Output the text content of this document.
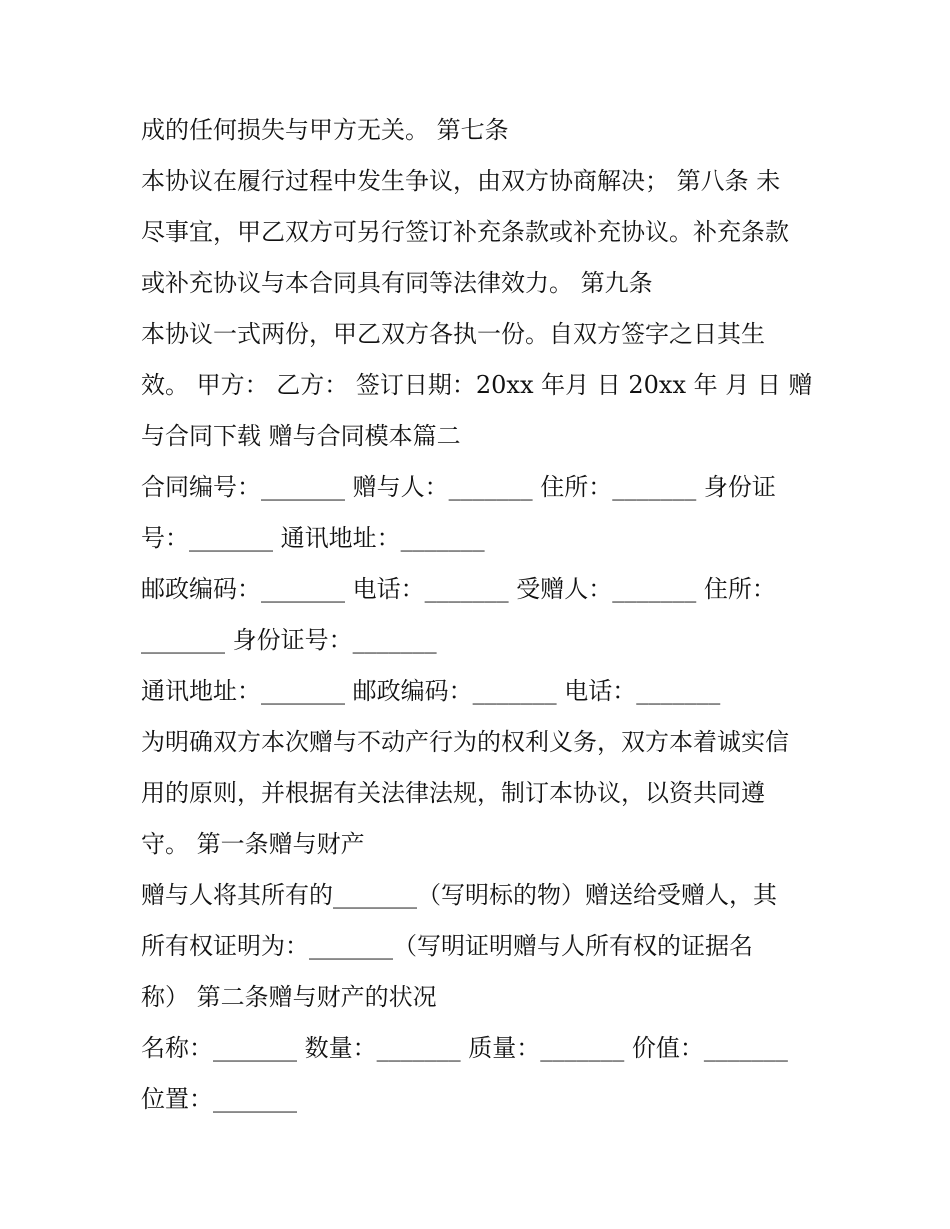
成的任何损失与甲方无关。 第七条
本协议在履行过程中发生争议，由双方协商解决； 第八条 未
尽事宜，甲乙双方可另行签订补充条款或补充协议。补充条款
或补充协议与本合同具有同等法律效力。 第九条
本协议一式两份，甲乙双方各执一份。自双方签字之日其生
效。 甲方： 乙方： 签订日期：20xx 年月 日 20xx 年 月 日 赠
与合同下载 赠与合同模本篇二
合同编号：_______ 赠与人：_______ 住所：_______ 身份证
号：_______ 通讯地址：_______
邮政编码：_______ 电话：_______ 受赠人：_______ 住所：
_______ 身份证号：_______
通讯地址：_______ 邮政编码：_______ 电话：_______
为明确双方本次赠与不动产行为的权利义务，双方本着诚实信
用的原则，并根据有关法律法规，制订本协议，以资共同遵
守。 第一条赠与财产
赠与人将其所有的_______（写明标的物）赠送给受赠人，其
所有权证明为：_______（写明证明赠与人所有权的证据名
称） 第二条赠与财产的状况
名称：_______ 数量：_______ 质量：_______ 价值：_______
位置：_______
